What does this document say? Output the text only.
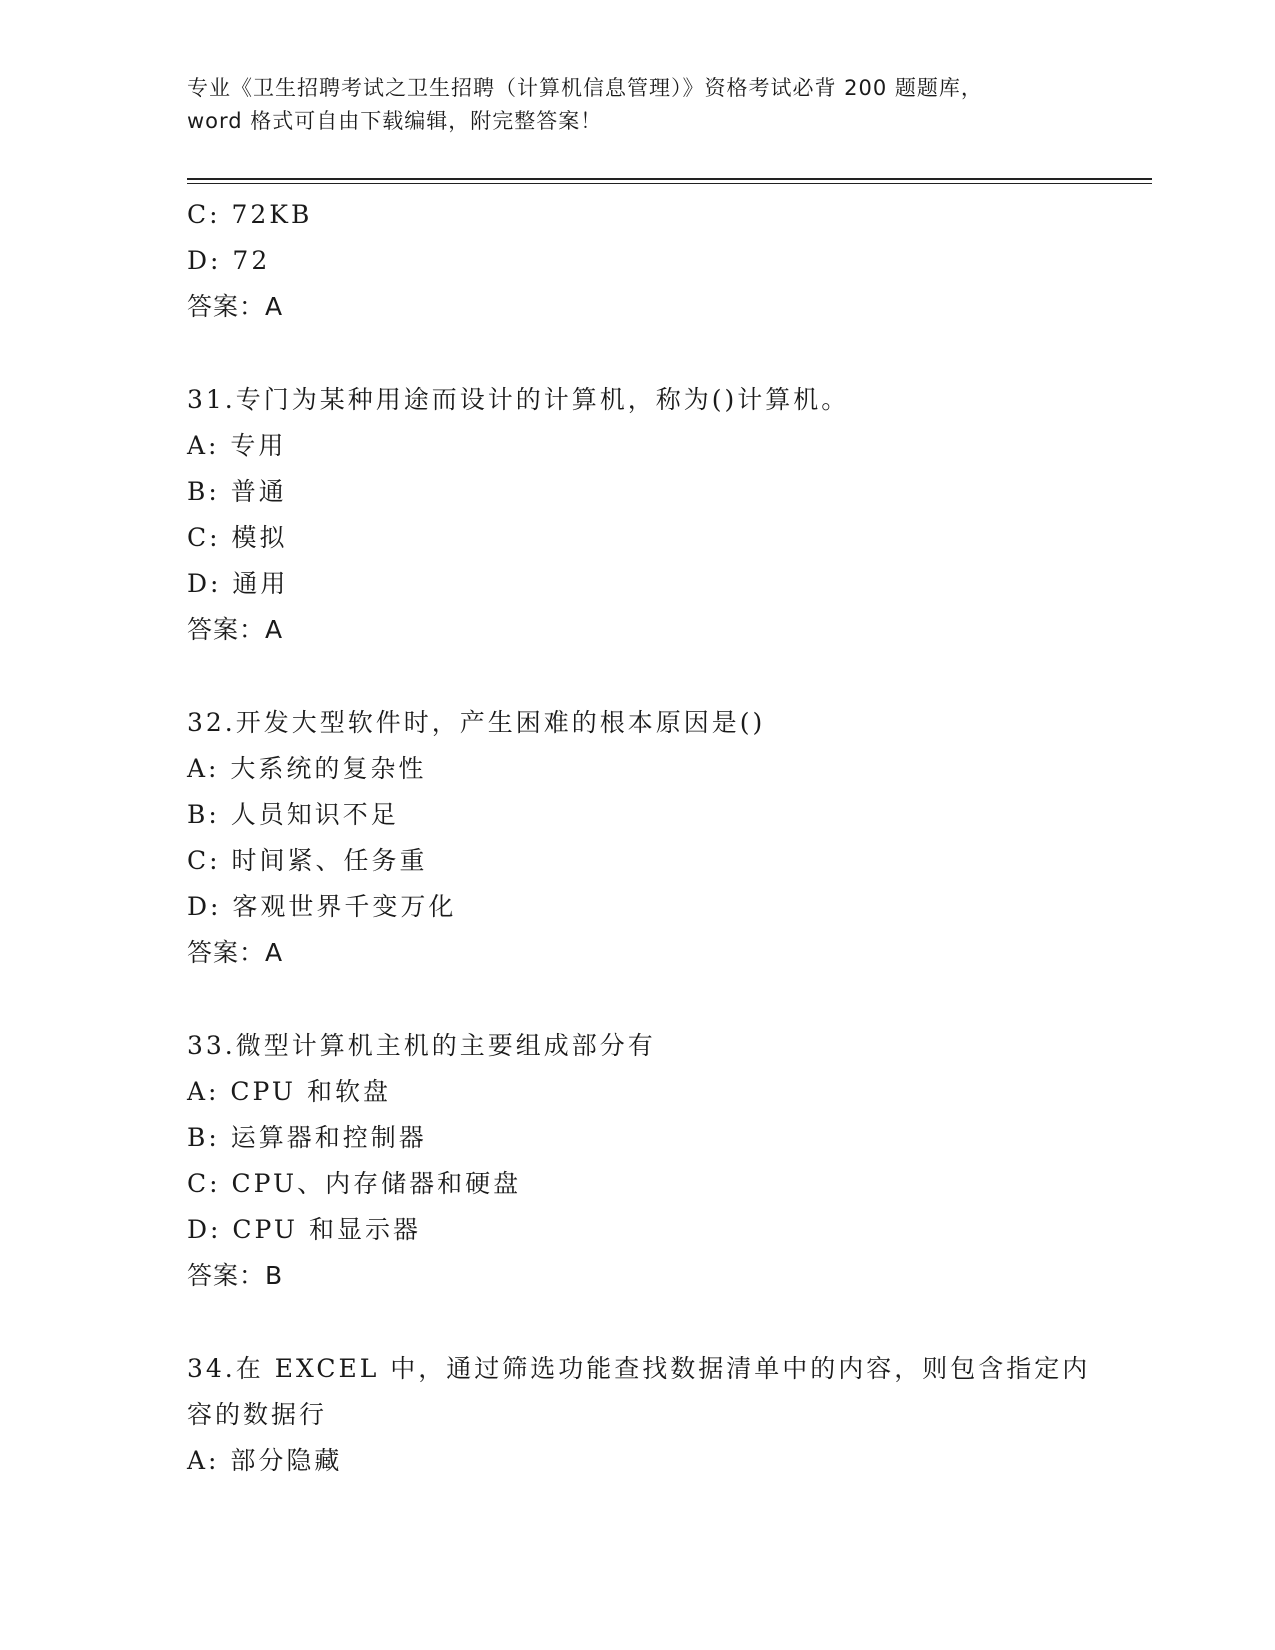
专业《卫生招聘考试之卫生招聘（计算机信息管理）》资格考试必背 200 题题库，
word 格式可自由下载编辑，附完整答案！
C: 72KB
D: 72
答案：A
31.专门为某种用途而设计的计算机，称为()计算机。
A: 专用
B: 普通
C: 模拟
D: 通用
答案：A
32.开发大型软件时，产生困难的根本原因是()
A: 大系统的复杂性
B: 人员知识不足
C: 时间紧、任务重
D: 客观世界千变万化
答案：A
33.微型计算机主机的主要组成部分有
A: CPU 和软盘
B: 运算器和控制器
C: CPU、内存储器和硬盘
D: CPU 和显示器
答案：B
34.在 EXCEL 中，通过筛选功能查找数据清单中的内容，则包含指定内
容的数据行
A: 部分隐藏
